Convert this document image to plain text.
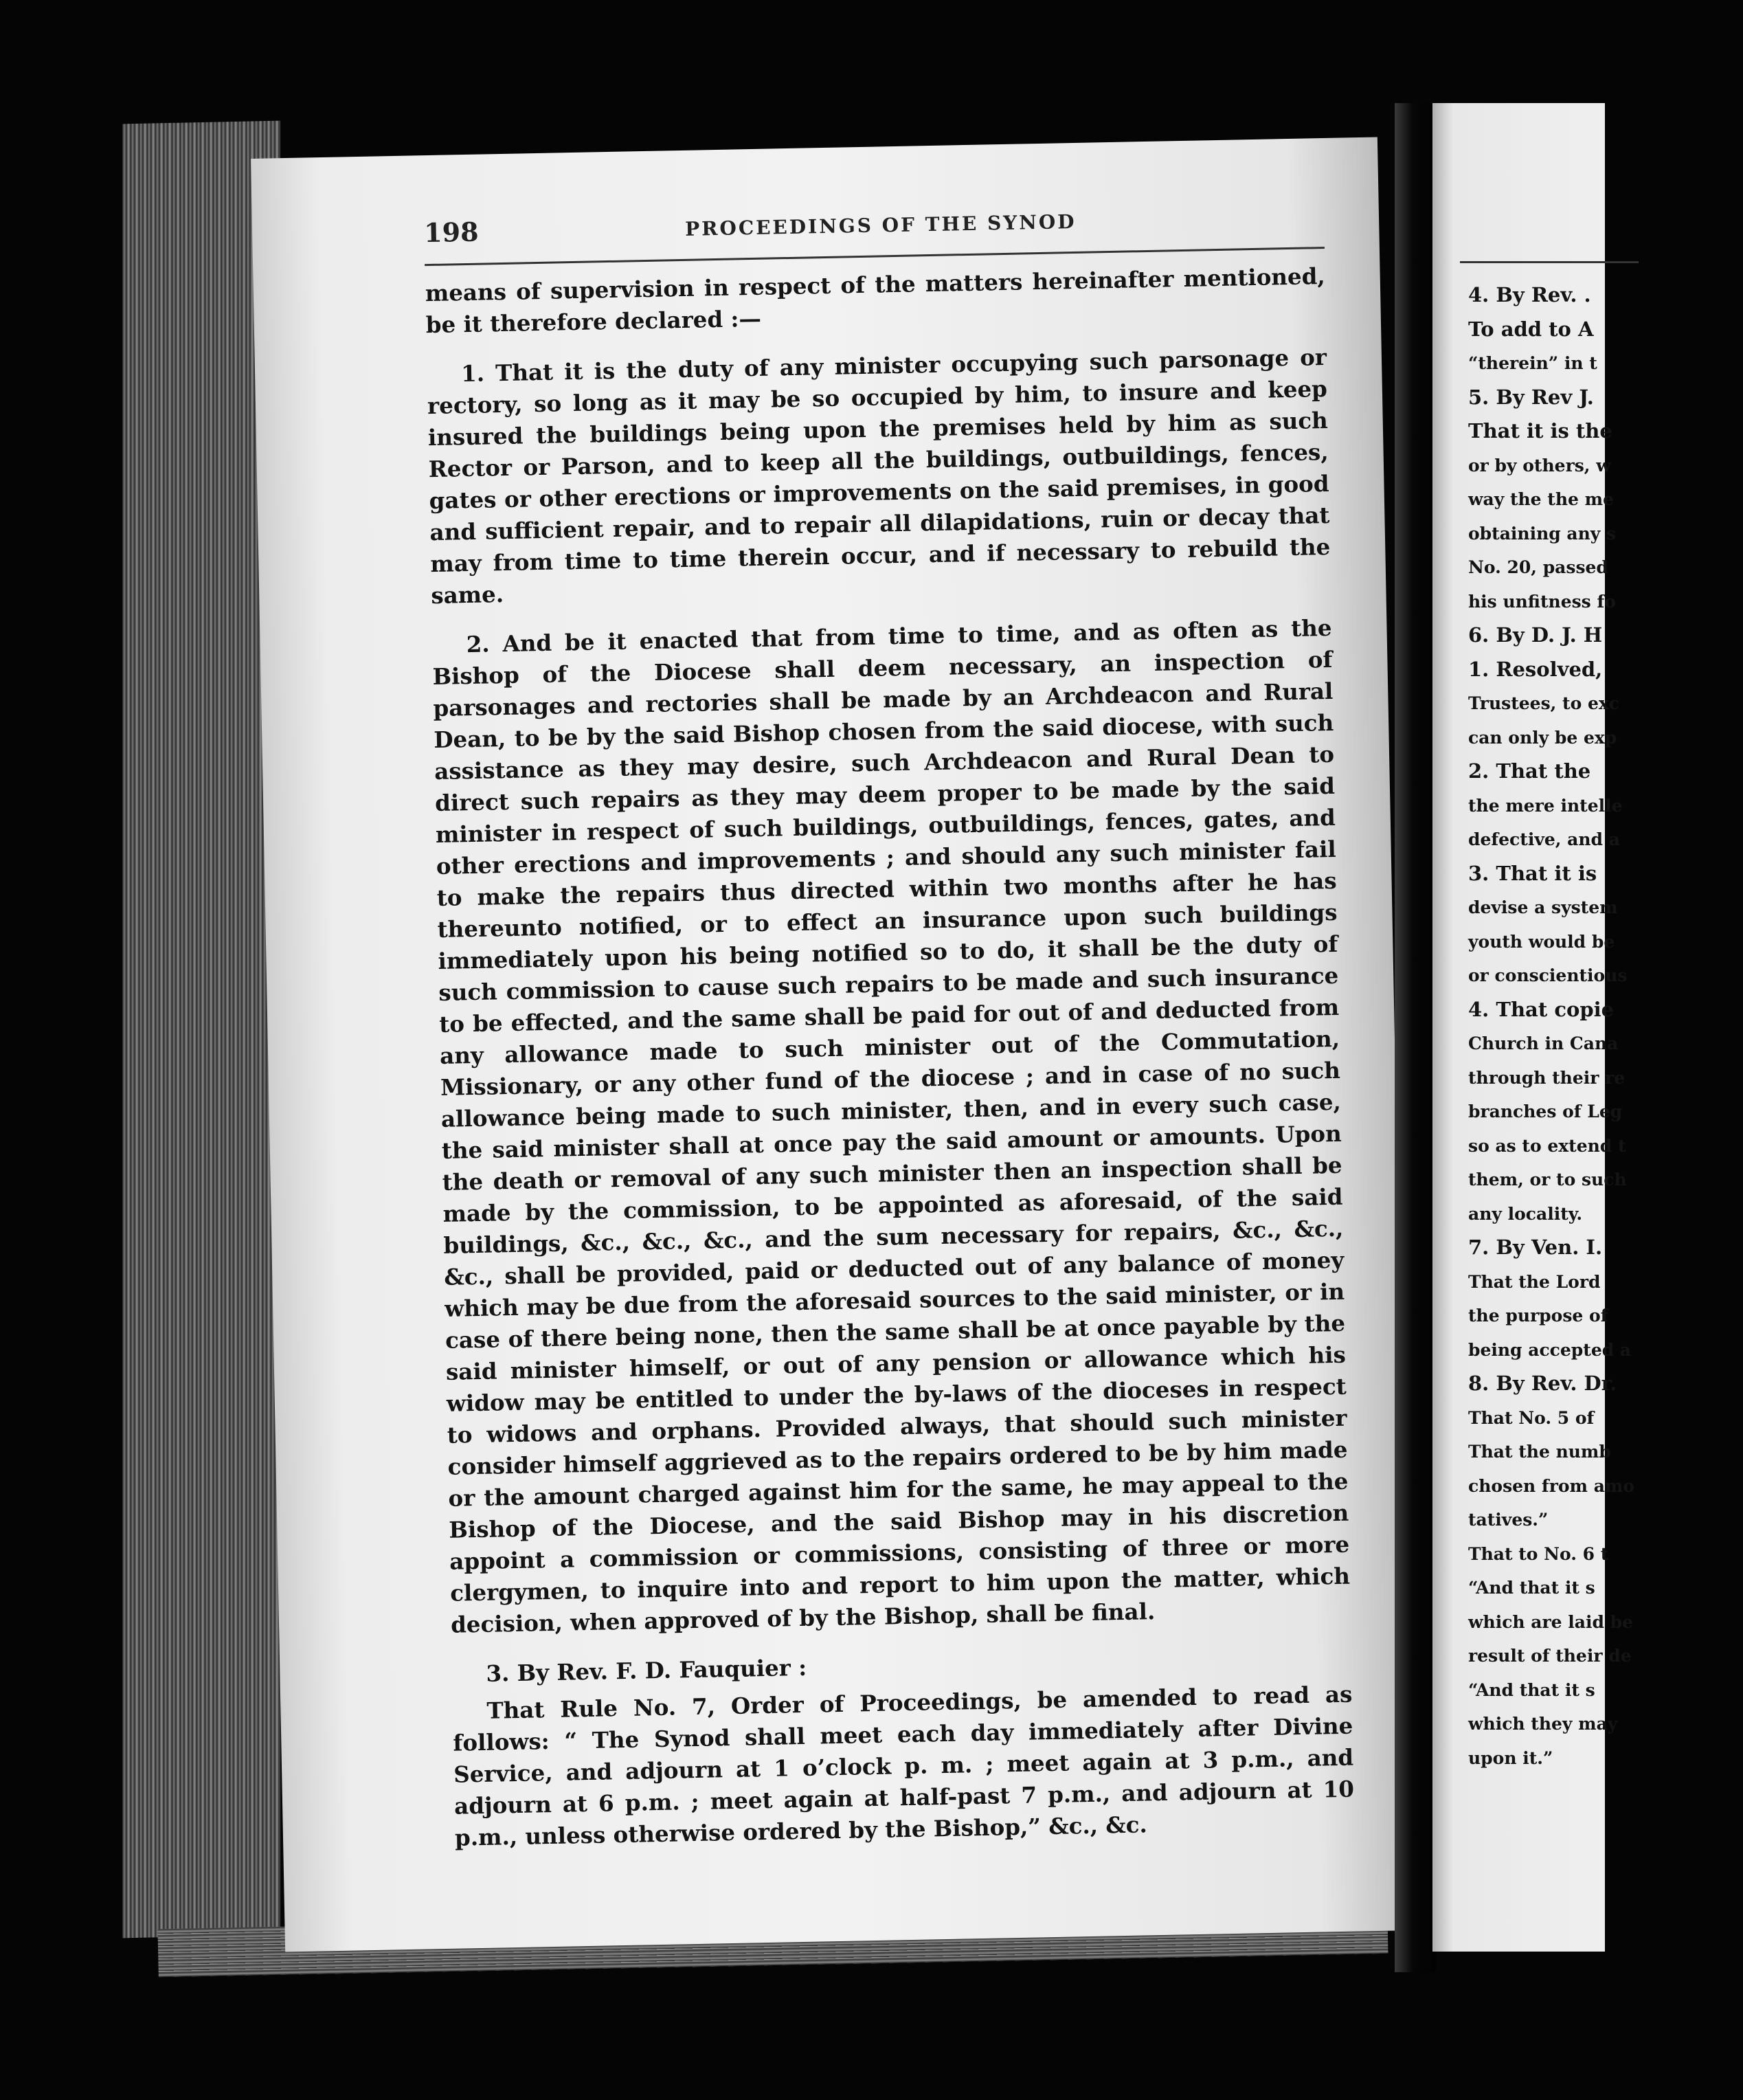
198	PROCEEDINGS OF THE SYNOD

means of supervision in respect of the matters hereinafter mentioned, be it therefore declared :—

1. That it is the duty of any minister occupying such parsonage or rectory, so long as it may be so occupied by him, to insure and keep insured the buildings being upon the premises held by him as such Rector or Parson, and to keep all the buildings, outbuildings, fences, gates or other erections or improvements on the said premises, in good and sufficient repair, and to repair all dilapidations, ruin or decay that may from time to time therein occur, and if necessary to rebuild the same.

2. And be it enacted that from time to time, and as often as the Bishop of the Diocese shall deem necessary, an inspection of parsonages and rectories shall be made by an Archdeacon and Rural Dean, to be by the said Bishop chosen from the said diocese, with such assistance as they may desire, such Archdeacon and Rural Dean to direct such repairs as they may deem proper to be made by the said minister in respect of such buildings, outbuildings, fences, gates, and other erections and improvements ; and should any such minister fail to make the repairs thus directed within two months after he has thereunto notified, or to effect an insurance upon such buildings immediately upon his being notified so to do, it shall be the duty of such commission to cause such repairs to be made and such insurance to be effected, and the same shall be paid for out of and deducted from any allowance made to such minister out of the Commutation, Missionary, or any other fund of the diocese ; and in case of no such allowance being made to such minister, then, and in every such case, the said minister shall at once pay the said amount or amounts. Upon the death or removal of any such minister then an inspection shall be made by the commission, to be appointed as aforesaid, of the said buildings, &c., &c., &c., and the sum necessary for repairs, &c., &c., &c., shall be provided, paid or deducted out of any balance of money which may be due from the aforesaid sources to the said minister, or in case of there being none, then the same shall be at once payable by the said minister himself, or out of any pension or allowance which his widow may be entitled to under the by-laws of the dioceses in respect to widows and orphans. Provided always, that should such minister consider himself aggrieved as to the repairs ordered to be by him made or the amount charged against him for the same, he may appeal to the Bishop of the Diocese, and the said Bishop may in his discretion appoint a commission or commissions, consisting of three or more clergymen, to inquire into and report to him upon the matter, which decision, when approved of by the Bishop, shall be final.

3. By Rev. F. D. Fauquier :

That Rule No. 7, Order of Proceedings, be amended to read as follows: “ The Synod shall meet each day immediately after Divine Service, and adjourn at 1 o’clock p. m. ; meet again at 3 p.m., and adjourn at 6 p.m. ; meet again at half-past 7 p.m., and adjourn at 10 p.m., unless otherwise ordered by the Bishop,” &c., &c.

4. By Rev. .
To add to A
“therein” in t
5. By Rev J.
That it is the
or by others, w
way the the me
obtaining any s
No. 20, passed
his unfitness fo
6. By D. J. H
1. Resolved,
Trustees, to exc
can only be exp
2. That the
the mere intelle
defective, and a
3. That it is
devise a system
youth would be
or conscientious
4. That copie
Church in Cana
through their re
branches of Leg
so as to extend t
them, or to such
any locality.
7. By Ven. I.
That the Lord
the purpose of
being accepted a
8. By Rev. Dr.
That No. 5 of
That the numb
chosen from amo
tatives.”
That to No. 6 t
“And that it s
which are laid be
result of their de
“And that it s
which they may
upon it.”
